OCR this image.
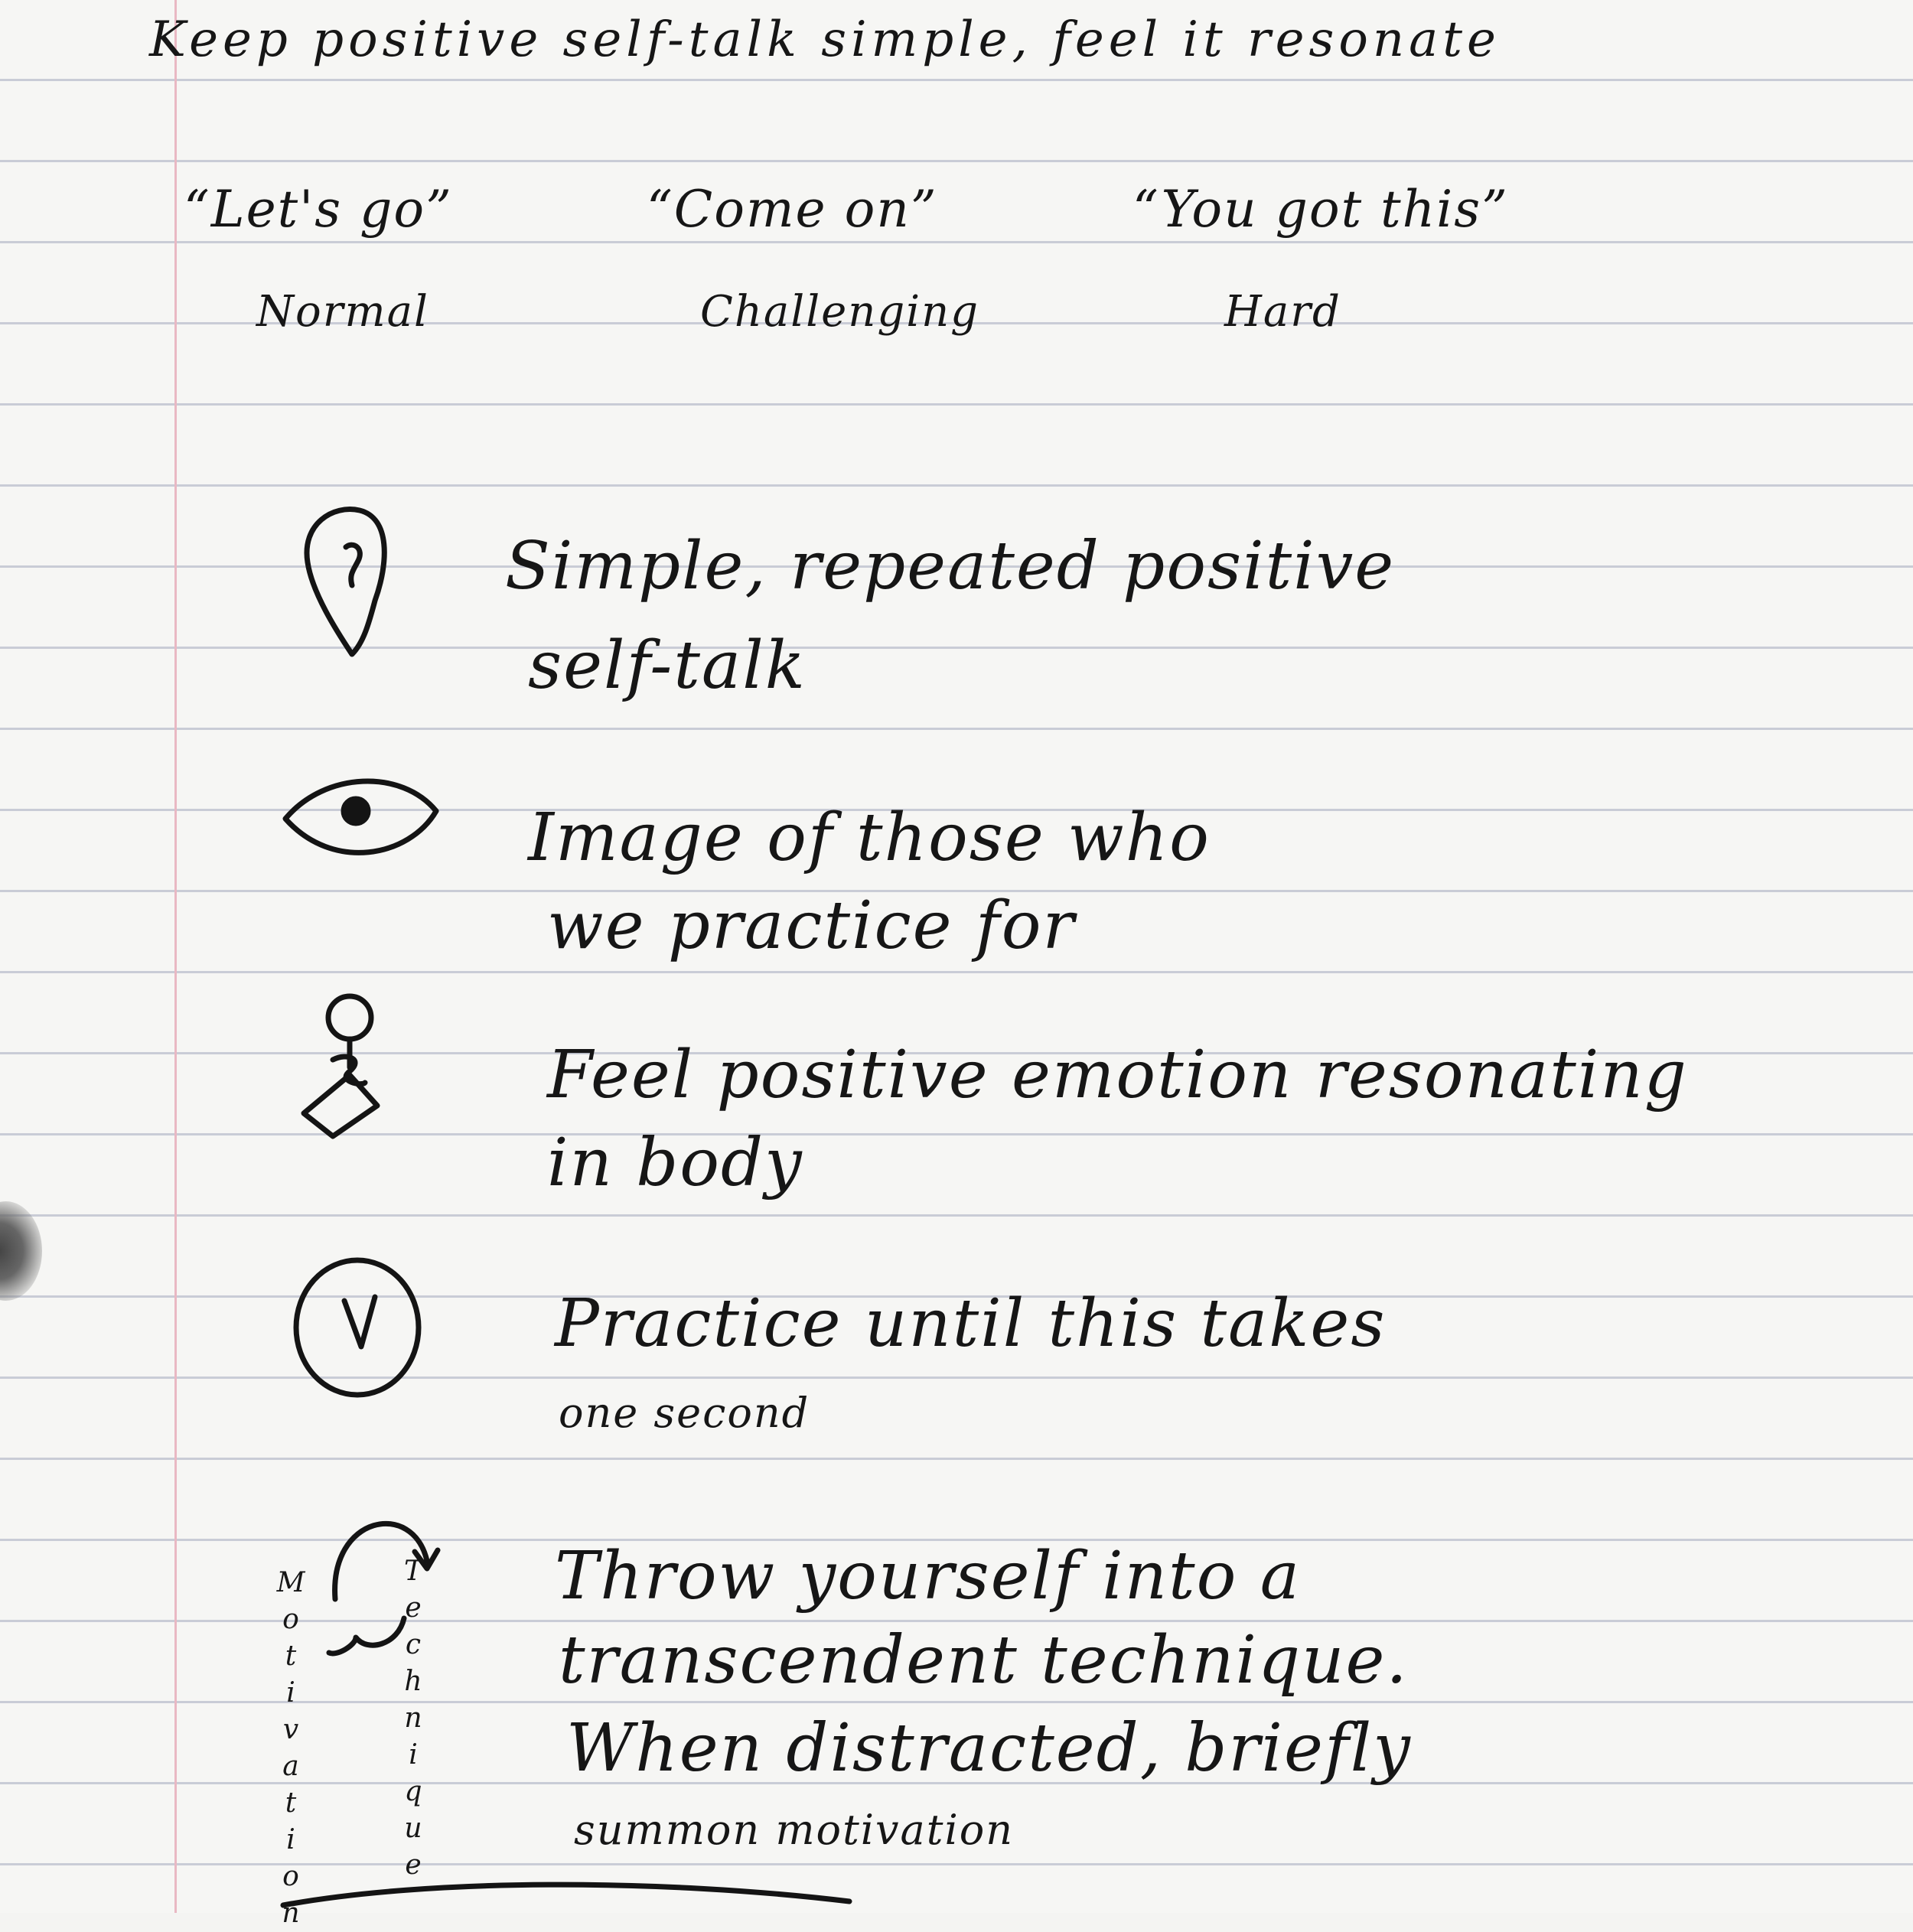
Keep positive self-talk simple, feel it resonate
“Let's go”
Normal
“Come on”
Challenging
“You got this”
Hard
Simple, repeated positive
self-talk
Image of those who
we practice for
Feel positive emotion resonating
in body
Practice until this takes
one second
M
o
t
i
v
a
t
i
o
n
T
e
c
h
n
i
q
u
e
Throw yourself into a
transcendent technique.
When distracted, briefly
summon motivation
